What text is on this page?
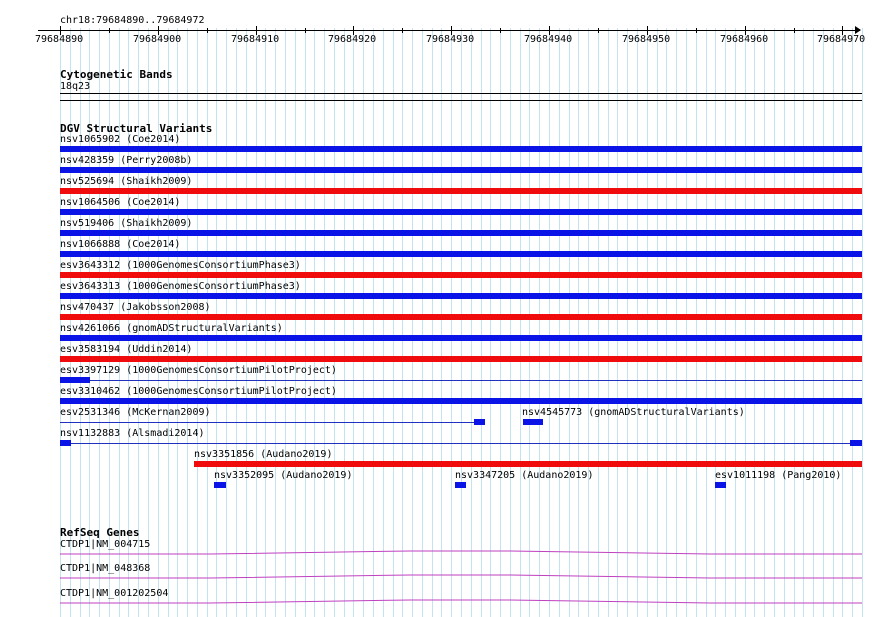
chr18:79684890..79684972
79684890	79684900	79684910	79684920	79684930	79684940	79684950	79684960	79684970
Cytogenetic Bands
18q23
DGV Structural Variants
nsv1065902 (Coe2014)
nsv428359 (Perry2008b)
nsv525694 (Shaikh2009)
nsv1064506 (Coe2014)
nsv519406 (Shaikh2009)
nsv1066888 (Coe2014)
esv3643312 (1000GenomesConsortiumPhase3)
esv3643313 (1000GenomesConsortiumPhase3)
nsv470437 (Jakobsson2008)
nsv4261066 (gnomADStructuralVariants)
esv3583194 (Uddin2014)
esv3397129 (1000GenomesConsortiumPilotProject)
esv3310462 (1000GenomesConsortiumPilotProject)
esv2531346 (McKernan2009)	nsv4545773 (gnomADStructuralVariants)
nsv1132883 (Alsmadi2014)
nsv3351856 (Audano2019)
nsv3352095 (Audano2019)	nsv3347205 (Audano2019)	esv1011198 (Pang2010)
RefSeq Genes
CTDP1|NM_004715
CTDP1|NM_048368
CTDP1|NM_001202504
